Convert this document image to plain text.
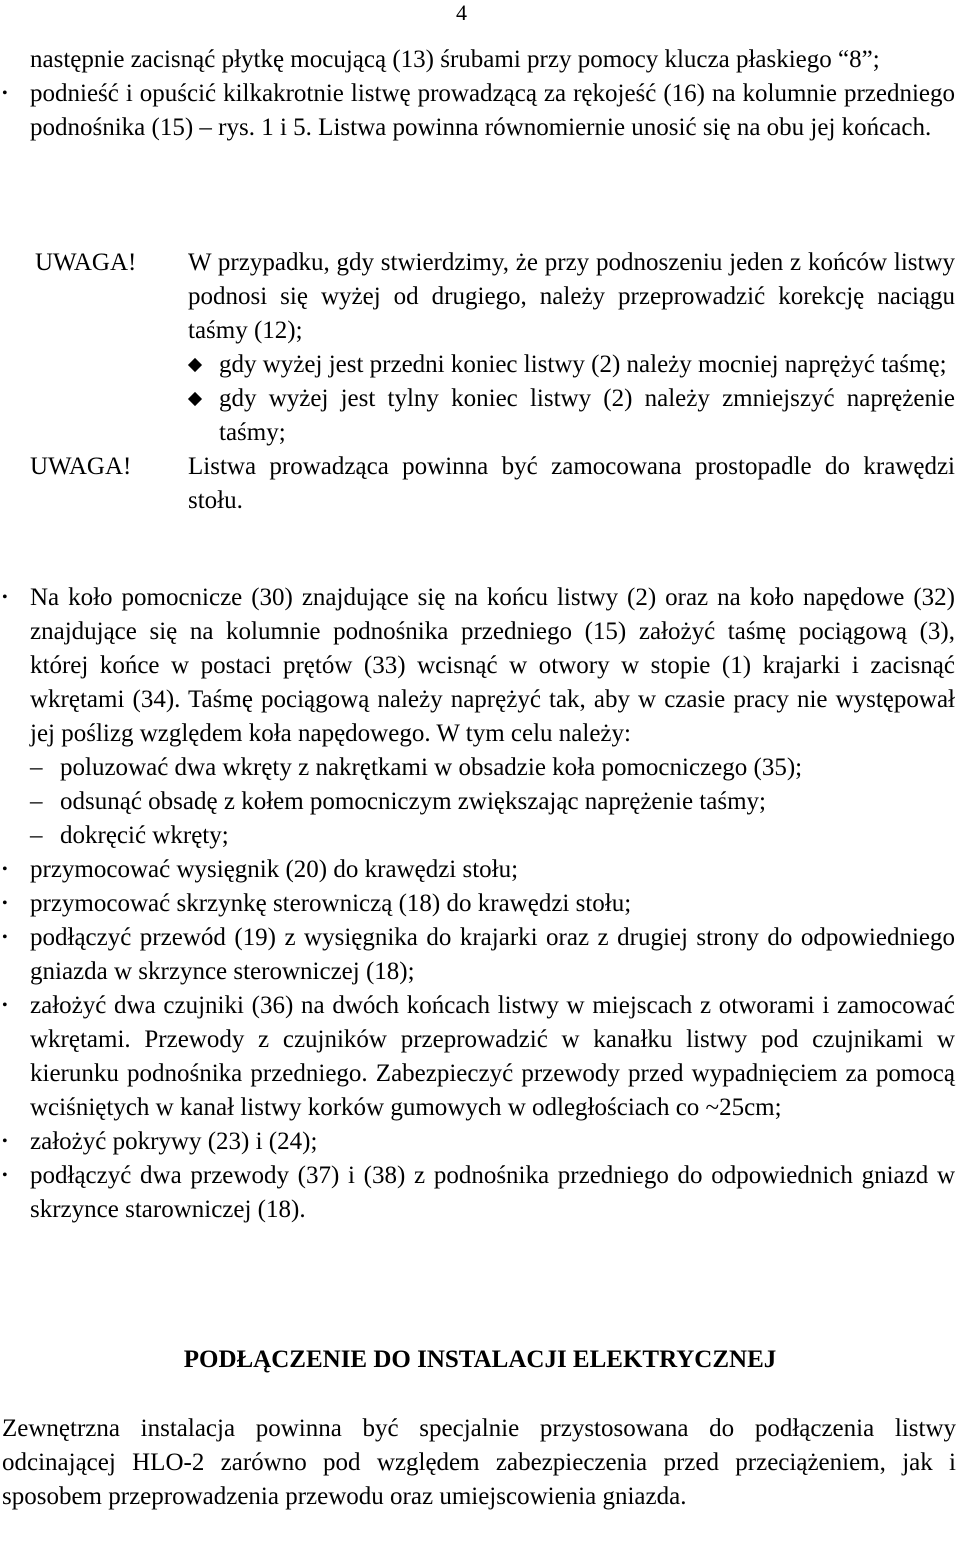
4
następnie zacisnąć płytkę mocującą (13) śrubami przy pomocy klucza płaskiego “8”;
• podnieść i opuścić kilkakrotnie listwę prowadzącą za rękojeść (16) na kolumnie przedniego podnośnika (15) – rys. 1 i 5. Listwa powinna równomiernie unosić się na obu jej końcach.
UWAGA! W przypadku, gdy stwierdzimy, że przy podnoszeniu jeden z końców listwy podnosi się wyżej od drugiego, należy przeprowadzić korekcję naciągu taśmy (12);
gdy wyżej jest przedni koniec listwy (2) należy mocniej naprężyć taśmę;
gdy wyżej jest tylny koniec listwy (2) należy zmniejszyć naprężenie taśmy;
UWAGA! Listwa prowadząca powinna być zamocowana prostopadle do krawędzi stołu.
• Na koło pomocnicze (30) znajdujące się na końcu listwy (2) oraz na koło napędowe (32) znajdujące się na kolumnie podnośnika przedniego (15) założyć taśmę pociągową (3), której końce w postaci prętów (33) wcisnąć w otwory w stopie (1) krajarki i zacisnąć wkrętami (34). Taśmę pociągową należy naprężyć tak, aby w czasie pracy nie występował jej poślizg względem koła napędowego. W tym celu należy:
– poluzować dwa wkręty z nakrętkami w obsadzie koła pomocniczego (35);
– odsunąć obsadę z kołem pomocniczym zwiększając naprężenie taśmy;
– dokręcić wkręty;
• przymocować wysięgnik (20) do krawędzi stołu;
• przymocować skrzynkę sterowniczą (18) do krawędzi stołu;
• podłączyć przewód (19) z wysięgnika do krajarki oraz z drugiej strony do odpowiedniego gniazda w skrzynce sterowniczej (18);
• założyć dwa czujniki (36) na dwóch końcach listwy w miejscach z otworami i zamocować wkrętami. Przewody z czujników przeprowadzić w kanałku listwy pod czujnikami w kierunku podnośnika przedniego. Zabezpieczyć przewody przed wypadnięciem za pomocą wciśniętych w kanał listwy korków gumowych w odległościach co ~25cm;
• założyć pokrywy (23) i (24);
• podłączyć dwa przewody (37) i (38) z podnośnika przedniego do odpowiednich gniazd w skrzynce starowniczej (18).
PODŁĄCZENIE DO INSTALACJI ELEKTRYCZNEJ
Zewnętrzna instalacja powinna być specjalnie przystosowana do podłączenia listwy odcinającej HLO-2 zarówno pod względem zabezpieczenia przed przeciążeniem, jak i sposobem przeprowadzenia przewodu oraz umiejscowienia gniazda.
